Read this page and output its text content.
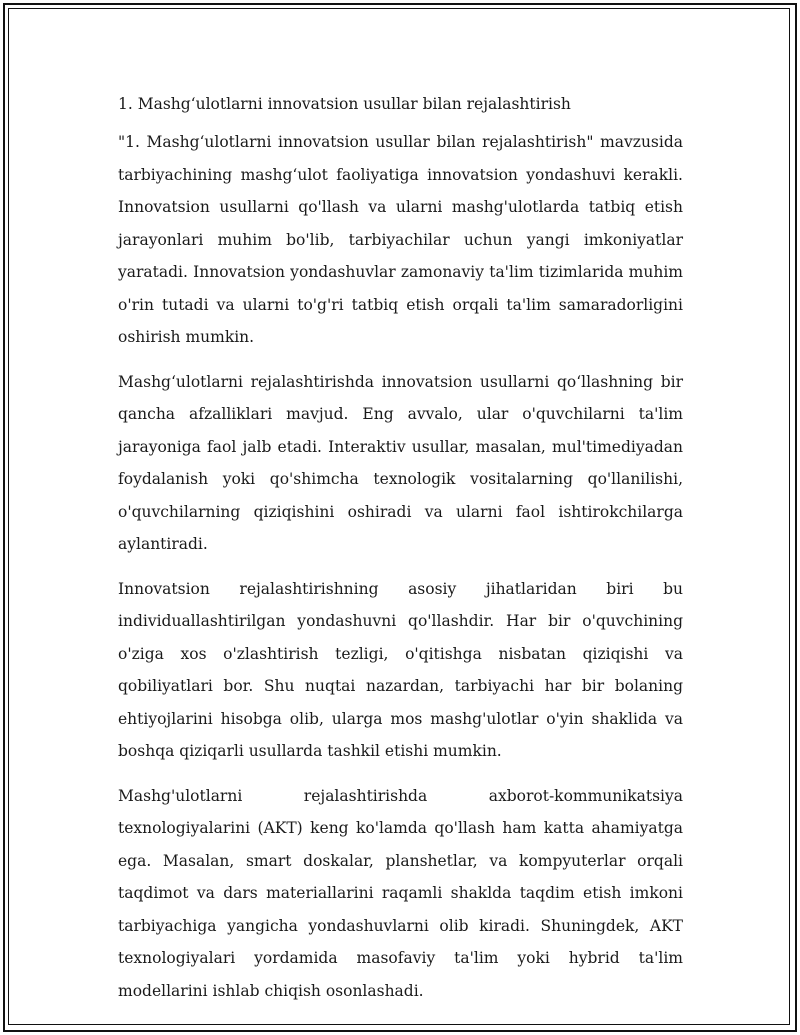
1. Mashg‘ulotlarni innovatsion usullar bilan rejalashtirish

"1. Mashg‘ulotlarni innovatsion usullar bilan rejalashtirish" mavzusida tarbiyachining mashg‘ulot faoliyatiga innovatsion yondashuvi kerakli. Innovatsion usullarni qo'llash va ularni mashg'ulotlarda tatbiq etish jarayonlari muhim bo'lib, tarbiyachilar uchun yangi imkoniyatlar yaratadi. Innovatsion yondashuvlar zamonaviy ta'lim tizimlarida muhim o'rin tutadi va ularni to'g'ri tatbiq etish orqali ta'lim samaradorligini oshirish mumkin.

Mashg‘ulotlarni rejalashtirishda innovatsion usullarni qo‘llashning bir qancha afzalliklari mavjud. Eng avvalo, ular o'quvchilarni ta'lim jarayoniga faol jalb etadi. Interaktiv usullar, masalan, mul'timediyadan foydalanish yoki qo'shimcha texnologik vositalarning qo'llanilishi, o'quvchilarning qiziqishini oshiradi va ularni faol ishtirokchilarga aylantiradi.

Innovatsion rejalashtirishning asosiy jihatlaridan biri bu individuallashtirilgan yondashuvni qo'llashdir. Har bir o'quvchining o'ziga xos o'zlashtirish tezligi, o'qitishga nisbatan qiziqishi va qobiliyatlari bor. Shu nuqtai nazardan, tarbiyachi har bir bolaning ehtiyojlarini hisobga olib, ularga mos mashg'ulotlar o'yin shaklida va boshqa qiziqarli usullarda tashkil etishi mumkin.

Mashg'ulotlarni rejalashtirishda axborot-kommunikatsiya texnologiyalarini (AKT) keng ko'lamda qo'llash ham katta ahamiyatga ega. Masalan, smart doskalar, planshetlar, va kompyuterlar orqali taqdimot va dars materiallarini raqamli shaklda taqdim etish imkoni tarbiyachiga yangicha yondashuvlarni olib kiradi. Shuningdek, AKT texnologiyalari yordamida masofaviy ta'lim yoki hybrid ta'lim modellarini ishlab chiqish osonlashadi.
